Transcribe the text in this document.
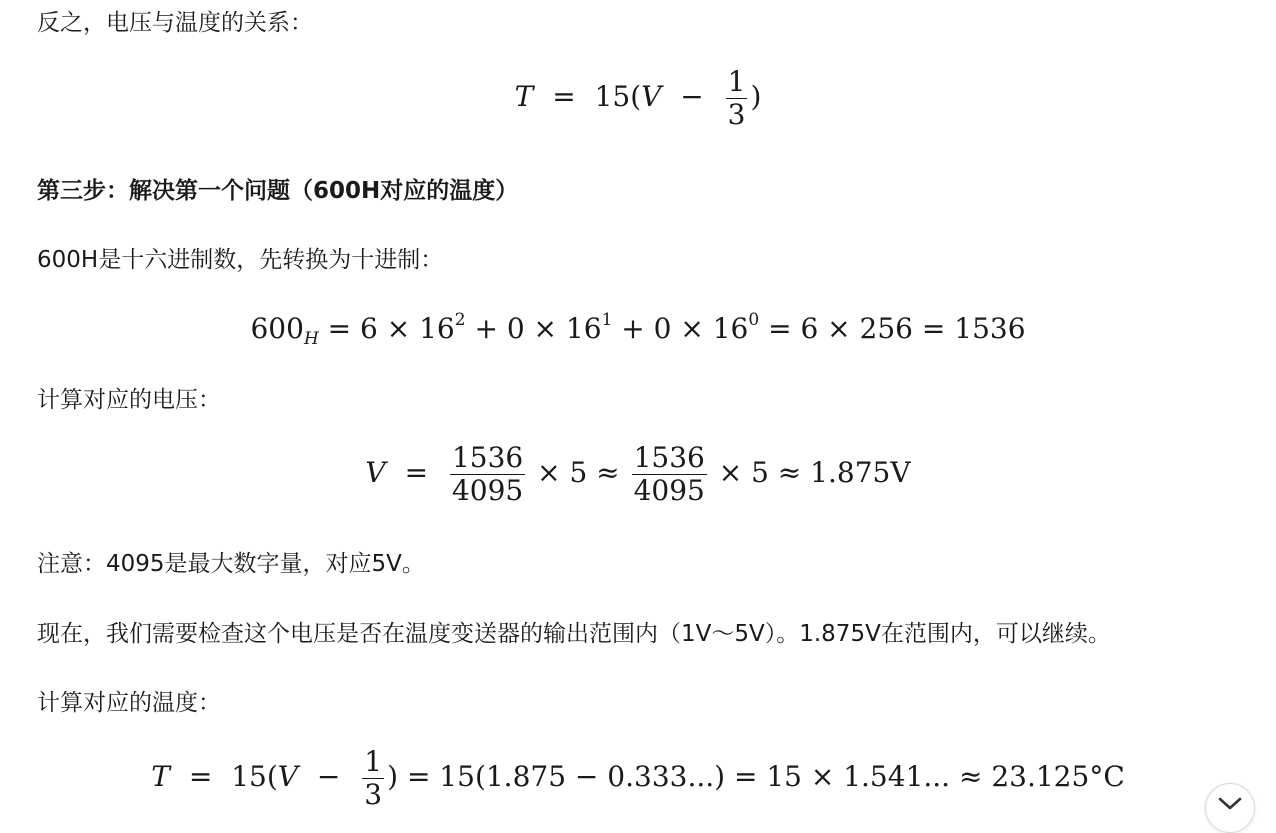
反之，电压与温度的关系：
$T = 15(V - \frac{1}{3}$ )
第三步：解决第一个问题（600H对应的温度）
600H是十六进制数，先转换为十进制：
$600_H = 6 \times 16^2 + 0 \times 16^1 + 0 \times 16^0 = 6 \times 256 = 1536$
计算对应的电压：
$V = \frac{1536}{4095} \times 5 \approx \frac{1536}{4095} \times 5 \approx 1.875V$
注意：4095是最大数字量，对应5V。
现在，我们需要检查这个电压是否在温度变送器的输出范围内（1V～5V）。1.875V在范围内，可以继续。
计算对应的温度：
$T = 15(V - \frac{1}{3}$ ) = 15(1.875 − 0.333...) = 15 × 1.541... ≈ 23.125°C
